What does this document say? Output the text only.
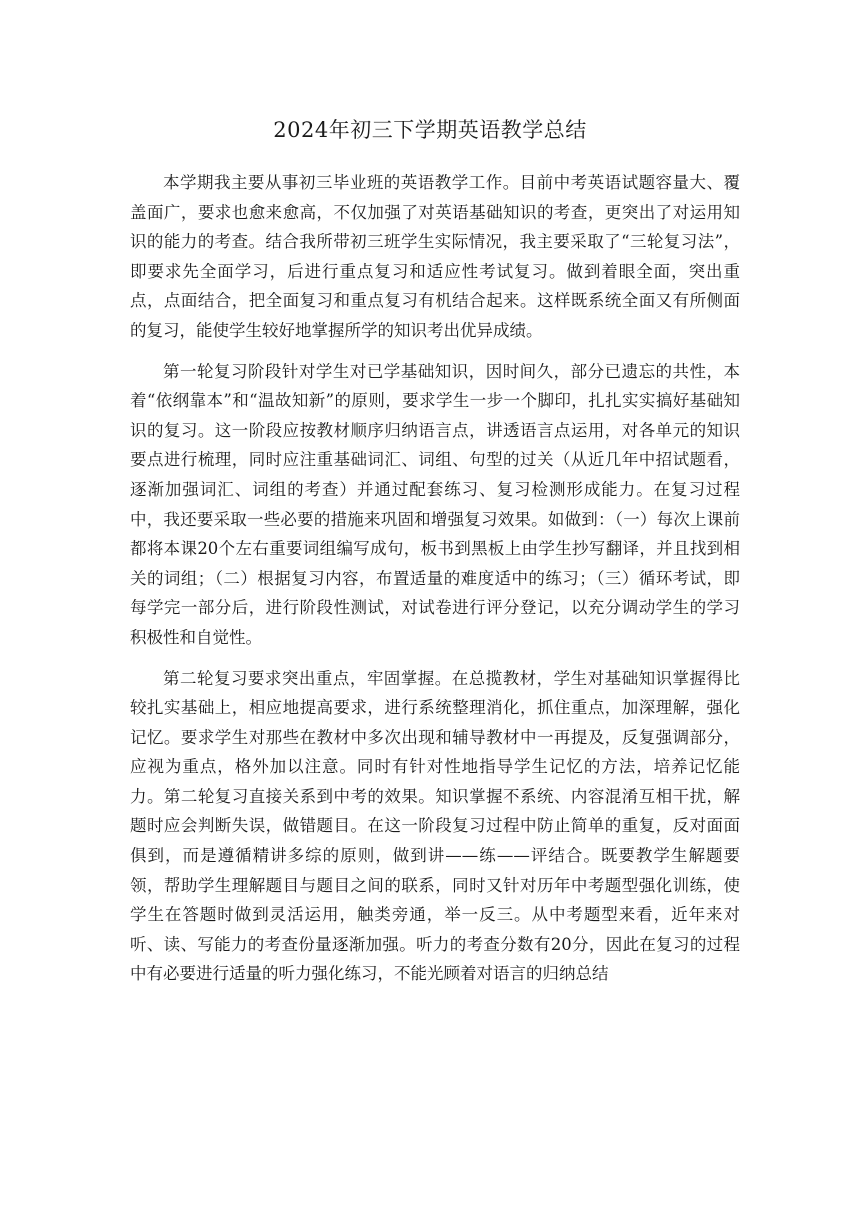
2024年初三下学期英语教学总结

本学期我主要从事初三毕业班的英语教学工作。目前中考英语试题容量大、覆盖面广，要求也愈来愈高，不仅加强了对英语基础知识的考查，更突出了对运用知识的能力的考查。结合我所带初三班学生实际情况，我主要采取了“三轮复习法”，即要求先全面学习，后进行重点复习和适应性考试复习。做到着眼全面，突出重点，点面结合，把全面复习和重点复习有机结合起来。这样既系统全面又有所侧面的复习，能使学生较好地掌握所学的知识考出优异成绩。

第一轮复习阶段针对学生对已学基础知识，因时间久，部分已遗忘的共性，本着“依纲靠本”和“温故知新”的原则，要求学生一步一个脚印，扎扎实实搞好基础知识的复习。这一阶段应按教材顺序归纳语言点，讲透语言点运用，对各单元的知识要点进行梳理，同时应注重基础词汇、词组、句型的过关（从近几年中招试题看，逐渐加强词汇、词组的考查）并通过配套练习、复习检测形成能力。在复习过程中，我还要采取一些必要的措施来巩固和增强复习效果。如做到：（一）每次上课前都将本课20个左右重要词组编写成句，板书到黑板上由学生抄写翻译，并且找到相关的词组；（二）根据复习内容，布置适量的难度适中的练习；（三）循环考试，即每学完一部分后，进行阶段性测试，对试卷进行评分登记，以充分调动学生的学习积极性和自觉性。

第二轮复习要求突出重点，牢固掌握。在总揽教材，学生对基础知识掌握得比较扎实基础上，相应地提高要求，进行系统整理消化，抓住重点，加深理解，强化记忆。要求学生对那些在教材中多次出现和辅导教材中一再提及，反复强调部分，应视为重点，格外加以注意。同时有针对性地指导学生记忆的方法，培养记忆能力。第二轮复习直接关系到中考的效果。知识掌握不系统、内容混淆互相干扰，解题时应会判断失误，做错题目。在这一阶段复习过程中防止简单的重复，反对面面俱到，而是遵循精讲多综的原则，做到讲——练——评结合。既要教学生解题要领，帮助学生理解题目与题目之间的联系，同时又针对历年中考题型强化训练，使学生在答题时做到灵活运用，触类旁通，举一反三。从中考题型来看，近年来对听、读、写能力的考查份量逐渐加强。听力的考查分数有20分，因此在复习的过程中有必要进行适量的听力强化练习，不能光顾着对语言的归纳总结
